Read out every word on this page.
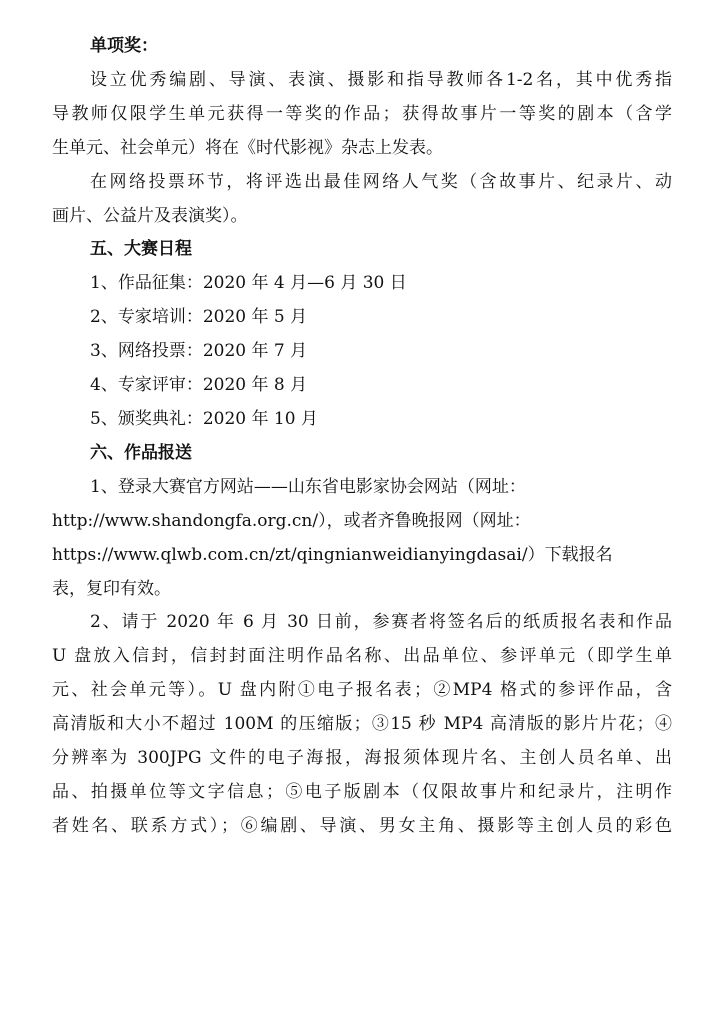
单项奖：
设立优秀编剧、导演、表演、摄影和指导教师各1-2名，其中优秀指
导教师仅限学生单元获得一等奖的作品；获得故事片一等奖的剧本（含学
生单元、社会单元）将在《时代影视》杂志上发表。
在网络投票环节，将评选出最佳网络人气奖（含故事片、纪录片、动
画片、公益片及表演奖）。
五、大赛日程
1、作品征集：2020 年 4 月—6 月 30 日
2、专家培训：2020 年 5 月
3、网络投票：2020 年 7 月
4、专家评审：2020 年 8 月
5、颁奖典礼：2020 年 10 月
六、作品报送
1、登录大赛官方网站——山东省电影家协会网站（网址：
http://www.shandongfa.org.cn/），或者齐鲁晚报网（网址：
https://www.qlwb.com.cn/zt/qingnianweidianyingdasai/）下载报名
表，复印有效。
2、请于 2020 年 6 月 30 日前，参赛者将签名后的纸质报名表和作品
U 盘放入信封，信封封面注明作品名称、出品单位、参评单元（即学生单
元、社会单元等）。U 盘内附①电子报名表；②MP4 格式的参评作品，含
高清版和大小不超过 100M 的压缩版；③15 秒 MP4 高清版的影片片花；④
分辨率为 300JPG 文件的电子海报，海报须体现片名、主创人员名单、出
品、拍摄单位等文字信息；⑤电子版剧本（仅限故事片和纪录片，注明作
者姓名、联系方式）；⑥编剧、导演、男女主角、摄影等主创人员的彩色
